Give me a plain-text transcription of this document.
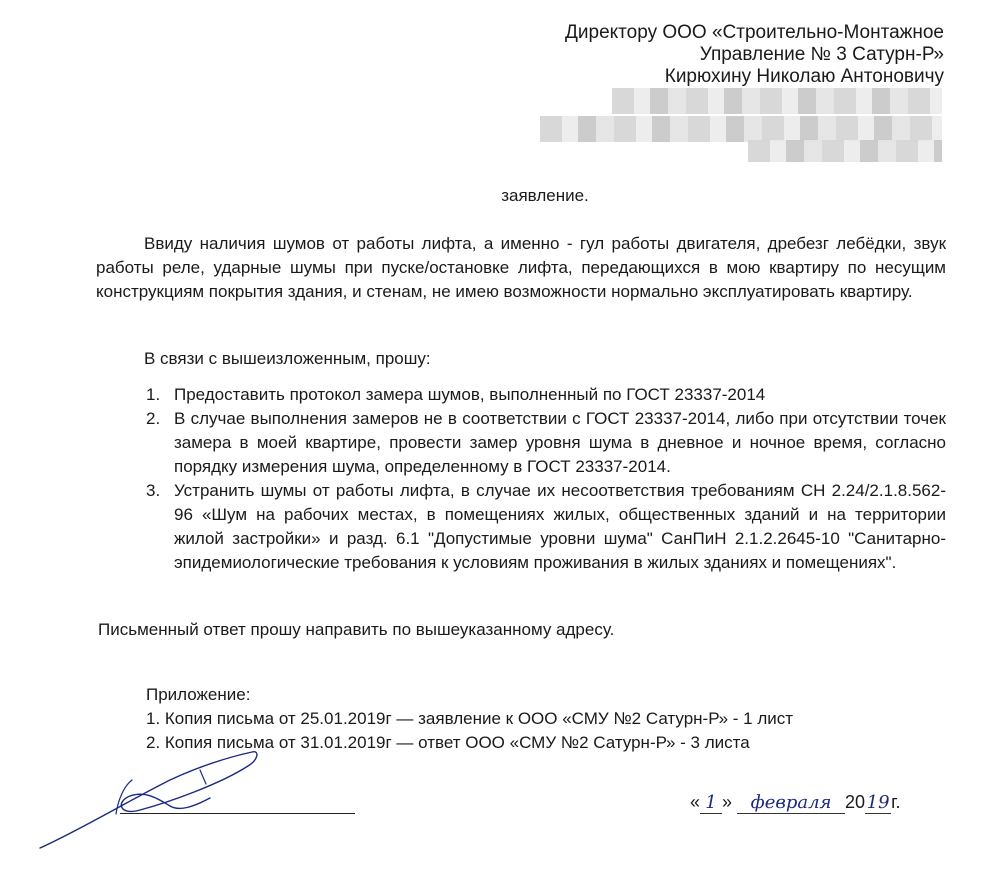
Директору ООО «Строительно-Монтажное
Управление № 3 Сатурн-Р»
Кирюхину Николаю Антоновичу
заявление.
Ввиду наличия шумов от работы лифта, а именно - гул работы двигателя, дребезг лебёдки, звук работы реле, ударные шумы при пуске/остановке лифта, передающихся в мою квартиру по несущим конструкциям покрытия здания, и стенам, не имею возможности нормально эксплуатировать квартиру.
В связи с вышеизложенным, прошу:
1. Предоставить протокол замера шумов, выполненный по ГОСТ 23337-2014
2. В случае выполнения замеров не в соответствии с ГОСТ 23337-2014, либо при отсутствии точек замера в моей квартире, провести замер уровня шума в дневное и ночное время, согласно порядку измерения шума, определенному в ГОСТ 23337-2014.
3. Устранить шумы от работы лифта, в случае их несоответствия требованиям СН 2.24/2.1.8.562-96 «Шум на рабочих местах, в помещениях жилых, общественных зданий и на территории жилой застройки» и разд. 6.1 "Допустимые уровни шума" СанПиН 2.1.2.2645-10 "Санитарно-эпидемиологические требования к условиям проживания в жилых зданиях и помещениях".
Письменный ответ прошу направить по вышеуказанному адресу.
Приложение:
1. Копия письма от 25.01.2019г — заявление к ООО «СМУ №2 Сатурн-Р» - 1 лист
2. Копия письма от 31.01.2019г — ответ ООО «СМУ №2 Сатурн-Р» - 3 листа
« 1 » февраля 2019г.
